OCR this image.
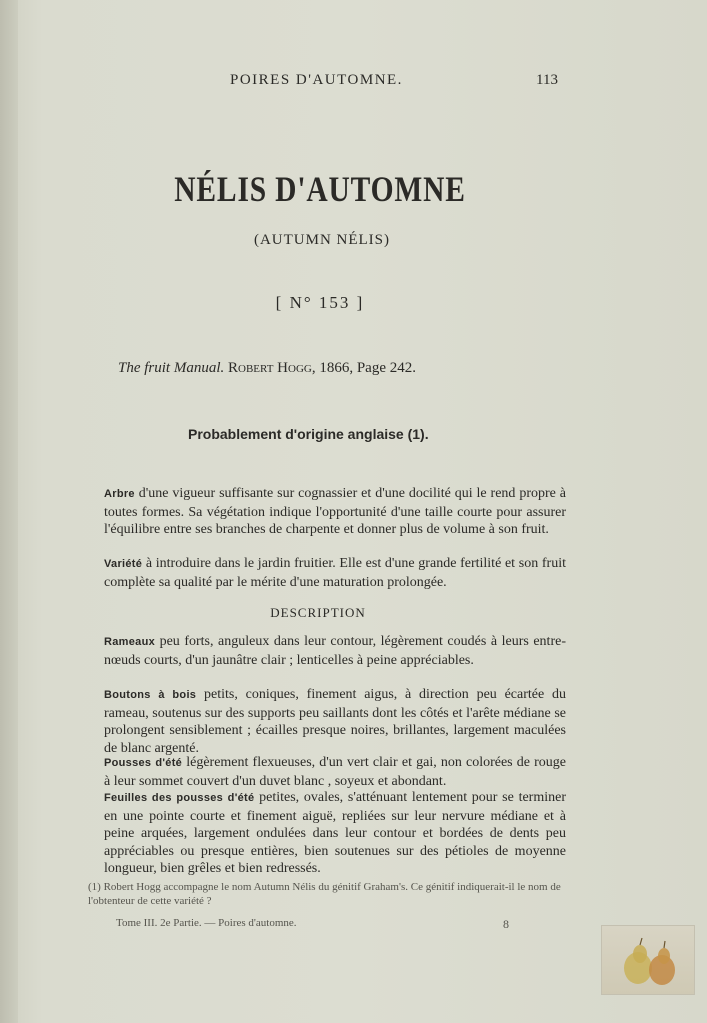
POIRES D'AUTOMNE.	113
NÉLIS D'AUTOMNE
(AUTUMN NÉLIS)
[ N° 153 ]
The fruit Manual. Robert Hogg, 1866, Page 242.
Probablement d'origine anglaise (1).
Arbre d'une vigueur suffisante sur cognassier et d'une docilité qui le rend propre à toutes formes. Sa végétation indique l'opportunité d'une taille courte pour assurer l'équilibre entre ses branches de charpente et donner plus de volume à son fruit.
Variété à introduire dans le jardin fruitier. Elle est d'une grande fertilité et son fruit complète sa qualité par le mérite d'une maturation prolongée.
DESCRIPTION
Rameaux peu forts, anguleux dans leur contour, légèrement coudés à leurs entre-nœuds courts, d'un jaunâtre clair ; lenticelles à peine appréciables.
Boutons à bois petits, coniques, finement aigus, à direction peu écartée du rameau, soutenus sur des supports peu saillants dont les côtés et l'arête médiane se prolongent sensiblement ; écailles presque noires, brillantes, largement maculées de blanc argenté.
Pousses d'été légèrement flexueuses, d'un vert clair et gai, non colorées de rouge à leur sommet couvert d'un duvet blanc , soyeux et abondant.
Feuilles des pousses d'été petites, ovales, s'atténuant lentement pour se terminer en une pointe courte et finement aiguë, repliées sur leur nervure médiane et à peine arquées, largement ondulées dans leur contour et bordées de dents peu appréciables ou presque entières, bien soutenues sur des pétioles de moyenne longueur, bien grêles et bien redressés.
(1) Robert Hogg accompagne le nom Autumn Nélis du génitif Graham's. Ce génitif indiquerait-il le nom de l'obtenteur de cette variété ?
Tome III. 2e Partie. — Poires d'automne.	8
